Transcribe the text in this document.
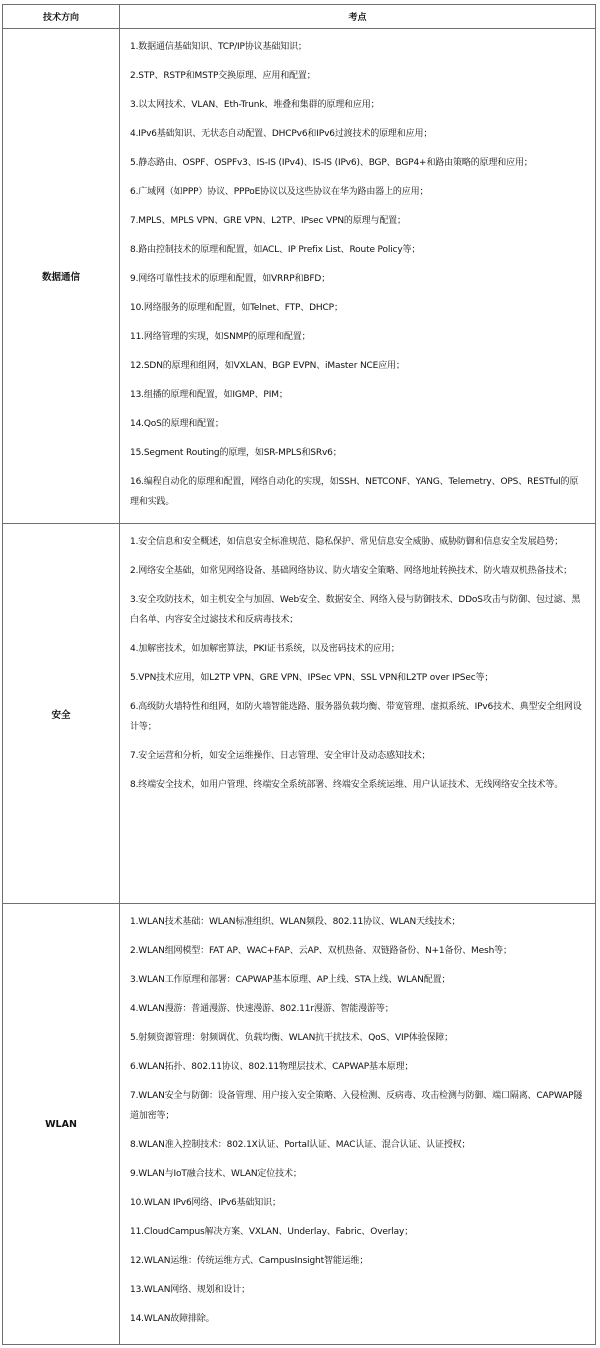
技术方向	考点
数据通信
1.数据通信基础知识、TCP/IP协议基础知识；
2.STP、RSTP和MSTP交换原理、应用和配置；
3.以太网技术、VLAN、Eth-Trunk、堆叠和集群的原理和应用；
4.IPv6基础知识、无状态自动配置、DHCPv6和IPv6过渡技术的原理和应用；
5.静态路由、OSPF、OSPFv3、IS-IS (IPv4)、IS-IS (IPv6)、BGP、BGP4+和路由策略的原理和应用；
6.广域网（如PPP）协议、PPPoE协议以及这些协议在华为路由器上的应用；
7.MPLS、MPLS VPN、GRE VPN、L2TP、IPsec VPN的原理与配置；
8.路由控制技术的原理和配置，如ACL、IP Prefix List、Route Policy等；
9.网络可靠性技术的原理和配置，如VRRP和BFD；
10.网络服务的原理和配置，如Telnet、FTP、DHCP；
11.网络管理的实现，如SNMP的原理和配置；
12.SDN的原理和组网，如VXLAN、BGP EVPN、iMaster NCE应用；
13.组播的原理和配置，如IGMP、PIM；
14.QoS的原理和配置；
15.Segment Routing的原理，如SR-MPLS和SRv6；
16.编程自动化的原理和配置，网络自动化的实现，如SSH、NETCONF、YANG、Telemetry、OPS、RESTful的原理和实践。
安全
1.安全信息和安全概述，如信息安全标准规范、隐私保护、常见信息安全威胁、威胁防御和信息安全发展趋势；
2.网络安全基础，如常见网络设备、基础网络协议、防火墙安全策略、网络地址转换技术、防火墙双机热备技术；
3.安全攻防技术，如主机安全与加固、Web安全、数据安全、网络入侵与防御技术、DDoS攻击与防御、包过滤、黑白名单、内容安全过滤技术和反病毒技术；
4.加解密技术，如加解密算法，PKI证书系统，以及密码技术的应用；
5.VPN技术应用，如L2TP VPN、GRE VPN、IPSec VPN、SSL VPN和L2TP over IPSec等；
6.高级防火墙特性和组网，如防火墙智能选路、服务器负载均衡、带宽管理、虚拟系统、IPv6技术、典型安全组网设计等；
7.安全运营和分析，如安全运维操作、日志管理、安全审计及动态感知技术；
8.终端安全技术，如用户管理、终端安全系统部署、终端安全系统运维、用户认证技术、无线网络安全技术等。
WLAN
1.WLAN技术基础：WLAN标准组织、WLAN频段、802.11协议、WLAN天线技术；
2.WLAN组网模型：FAT AP、WAC+FAP、云AP、双机热备、双链路备份、N+1备份、Mesh等；
3.WLAN工作原理和部署：CAPWAP基本原理、AP上线、STA上线、WLAN配置；
4.WLAN漫游：普通漫游、快速漫游、802.11r漫游、智能漫游等；
5.射频资源管理：射频调优、负载均衡、WLAN抗干扰技术、QoS、VIP体验保障；
6.WLAN拓扑、802.11协议、802.11物理层技术、CAPWAP基本原理；
7.WLAN安全与防御：设备管理、用户接入安全策略、入侵检测、反病毒、攻击检测与防御、端口隔离、CAPWAP隧道加密等；
8.WLAN准入控制技术：802.1X认证、Portal认证、MAC认证、混合认证、认证授权；
9.WLAN与IoT融合技术、WLAN定位技术；
10.WLAN IPv6网络、IPv6基础知识；
11.CloudCampus解决方案、VXLAN、Underlay、Fabric、Overlay；
12.WLAN运维：传统运维方式、CampusInsight智能运维；
13.WLAN网络、规划和设计；
14.WLAN故障排除。
